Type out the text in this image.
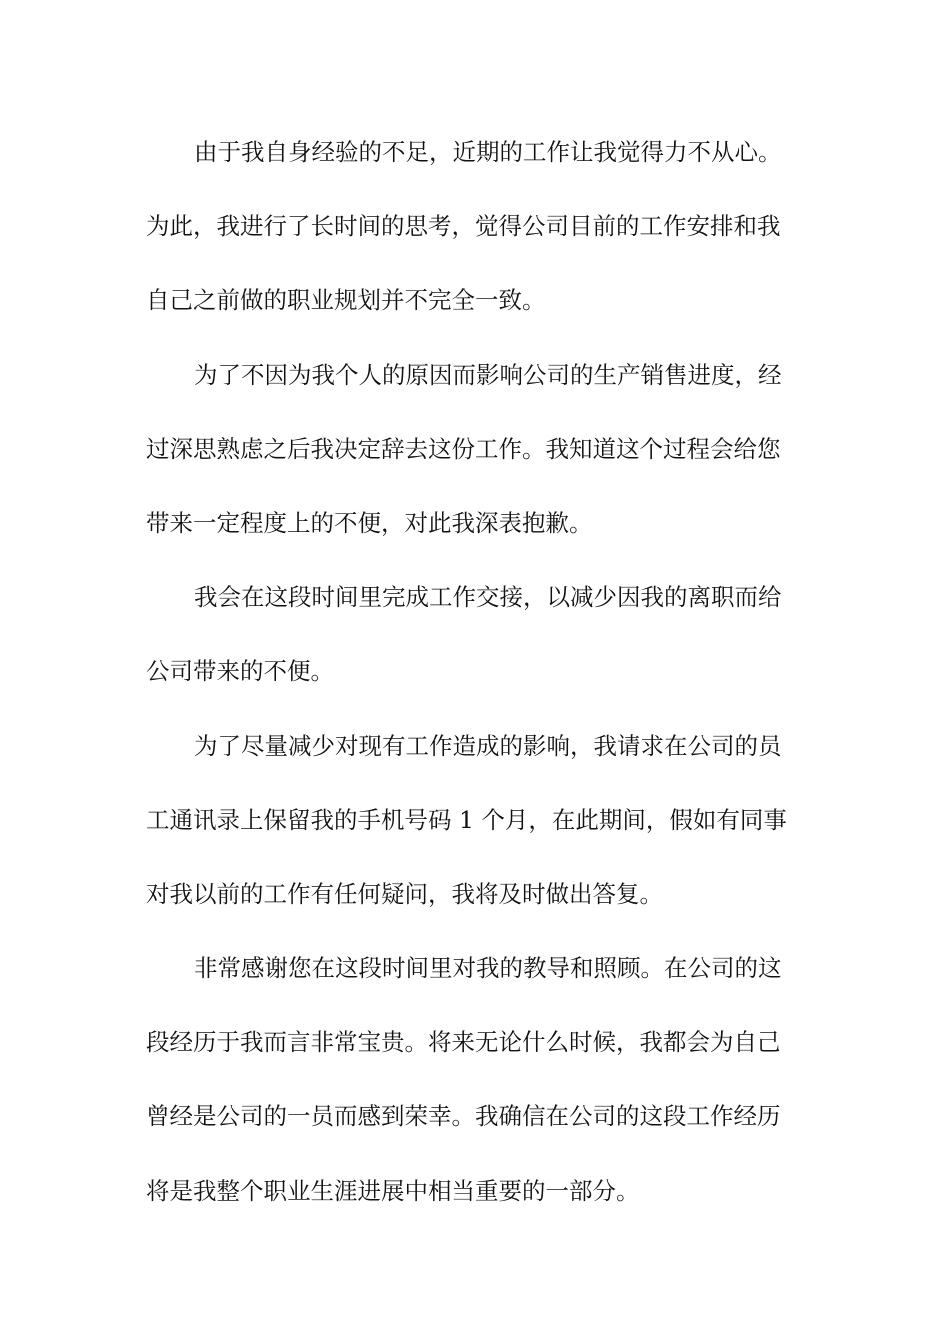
由于我自身经验的不足，近期的工作让我觉得力不从心。
为此，我进行了长时间的思考，觉得公司目前的工作安排和我
自己之前做的职业规划并不完全一致。
为了不因为我个人的原因而影响公司的生产销售进度，经
过深思熟虑之后我决定辞去这份工作。我知道这个过程会给您
带来一定程度上的不便，对此我深表抱歉。
我会在这段时间里完成工作交接，以减少因我的离职而给
公司带来的不便。
为了尽量减少对现有工作造成的影响，我请求在公司的员
工通讯录上保留我的手机号码 1 个月，在此期间，假如有同事
对我以前的工作有任何疑问，我将及时做出答复。
非常感谢您在这段时间里对我的教导和照顾。在公司的这
段经历于我而言非常宝贵。将来无论什么时候，我都会为自己
曾经是公司的一员而感到荣幸。我确信在公司的这段工作经历
将是我整个职业生涯进展中相当重要的一部分。
